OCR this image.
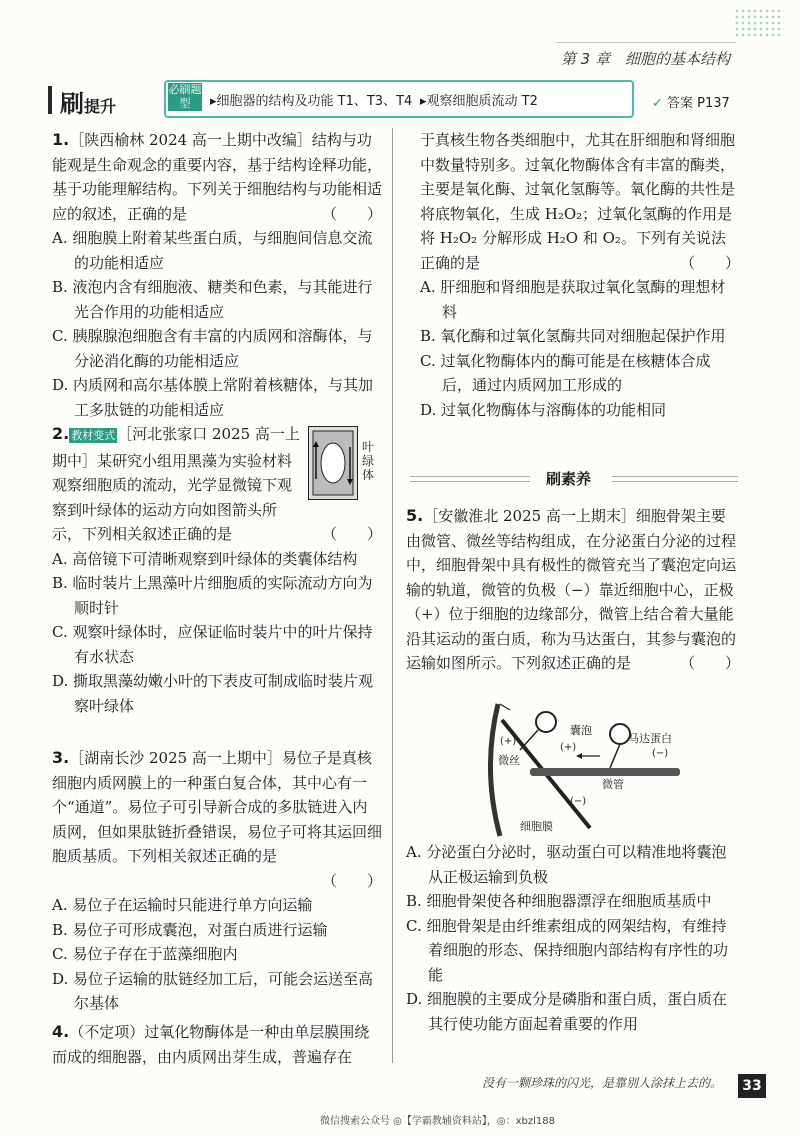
第 3 章　细胞的基本结构
刷提升
必刷题型	▸细胞器的结构及功能 T1、T3、T4 ▸观察细胞质流动 T2	✓ 答案 P137
1.［陕西榆林 2024 高一上期中改编］结构与功能观是生命观念的重要内容，基于结构诠释功能，基于功能理解结构。下列关于细胞结构与功能相适应的叙述，正确的是	（　　）
A. 细胞膜上附着某些蛋白质，与细胞间信息交流的功能相适应
B. 液泡内含有细胞液、糖类和色素，与其能进行光合作用的功能相适应
C. 胰腺腺泡细胞含有丰富的内质网和溶酶体，与分泌消化酶的功能相适应
D. 内质网和高尔基体膜上常附着核糖体，与其加工多肽链的功能相适应
叶绿体
2. 教材变式 ［河北张家口 2025 高一上期中］某研究小组用黑藻为实验材料观察细胞质的流动，光学显微镜下观察到叶绿体的运动方向如图箭头所示，下列相关叙述正确的是	（　　）
A. 高倍镜下可清晰观察到叶绿体的类囊体结构
B. 临时装片上黑藻叶片细胞质的实际流动方向为顺时针
C. 观察叶绿体时，应保证临时装片中的叶片保持有水状态
D. 撕取黑藻幼嫩小叶的下表皮可制成临时装片观察叶绿体
3.［湖南长沙 2025 高一上期中］易位子是真核细胞内质网膜上的一种蛋白复合体，其中心有一个“通道”。易位子可引导新合成的多肽链进入内质网，但如果肽链折叠错误，易位子可将其运回细胞质基质。下列相关叙述正确的是
（　　）
A. 易位子在运输时只能进行单方向运输
B. 易位子可形成囊泡，对蛋白质进行运输
C. 易位子存在于蓝藻细胞内
D. 易位子运输的肽链经加工后，可能会运送至高尔基体
4.（不定项）过氧化物酶体是一种由单层膜围绕而成的细胞器，由内质网出芽生成，普遍存在
于真核生物各类细胞中，尤其在肝细胞和肾细胞中数量特别多。过氧化物酶体含有丰富的酶类，主要是氧化酶、过氧化氢酶等。氧化酶的共性是将底物氧化，生成 H₂O₂；过氧化氢酶的作用是将 H₂O₂ 分解形成 H₂O 和 O₂。下列有关说法正确的是	（　　）
A. 肝细胞和肾细胞是获取过氧化氢酶的理想材料
B. 氧化酶和过氧化氢酶共同对细胞起保护作用
C. 过氧化物酶体内的酶可能是在核糖体合成后，通过内质网加工形成的
D. 过氧化物酶体与溶酶体的功能相同
刷素养
5.［安徽淮北 2025 高一上期末］细胞骨架主要由微管、微丝等结构组成，在分泌蛋白分泌的过程中，细胞骨架中具有极性的微管充当了囊泡定向运输的轨道，微管的负极（−）靠近细胞中心，正极（+）位于细胞的边缘部分，微管上结合着大量能沿其运动的蛋白质，称为马达蛋白，其参与囊泡的运输如图所示。下列叙述正确的是	（　　）
囊泡
马达蛋白
(+)
微丝
(+)
(−)
微管
(−)
细胞膜
A. 分泌蛋白分泌时，驱动蛋白可以精准地将囊泡从正极运输到负极
B. 细胞骨架使各种细胞器漂浮在细胞质基质中
C. 细胞骨架是由纤维素组成的网架结构，有维持着细胞的形态、保持细胞内部结构有序性的功能
D. 细胞膜的主要成分是磷脂和蛋白质，蛋白质在其行使功能方面起着重要的作用
没有一颗珍珠的闪光，是靠别人涂抹上去的。	33
微信搜索公众号 ◎【学霸教辅资料站】，◎：xbzl188
